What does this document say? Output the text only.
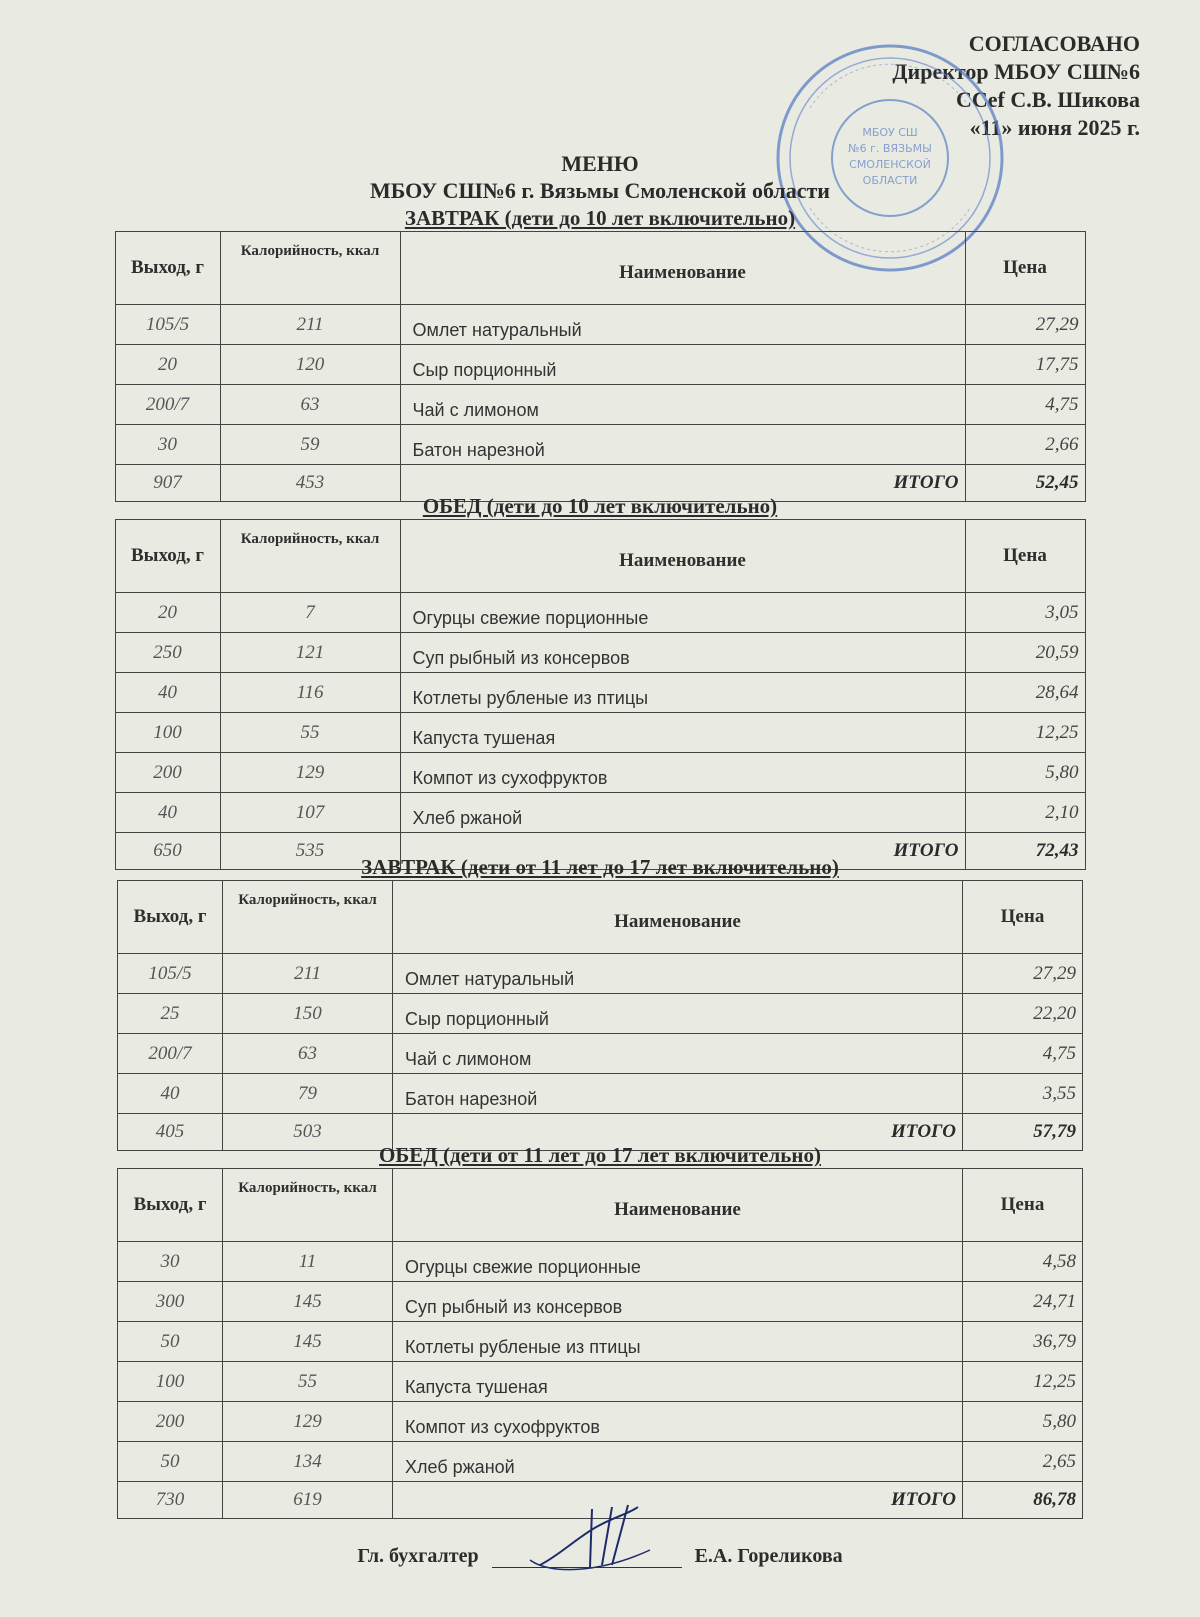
СОГЛАСОВАНО
Директор МБОУ СШ№6
ССef С.В. Шикова
«11» июня 2025 г.
МБОУ СШ
№6 г. ВЯЗЬМЫ
СМОЛЕНСКОЙ
ОБЛАСТИ
МЕНЮ
МБОУ СШ№6 г. Вязьмы Смоленской области
ЗАВТРАК (дети до 10 лет включительно)
Выход, г	Калорийность, ккал	Наименование	Цена
105/5	211	Омлет натуральный	27,29
20	120	Сыр порционный	17,75
200/7	63	Чай с лимоном	4,75
30	59	Батон нарезной	2,66
907	453	ИТОГО	52,45
ОБЕД (дети до 10 лет включительно)
Выход, г	Калорийность, ккал	Наименование	Цена
20	7	Огурцы свежие порционные	3,05
250	121	Суп рыбный из консервов	20,59
40	116	Котлеты рубленые из птицы	28,64
100	55	Капуста тушеная	12,25
200	129	Компот из сухофруктов	5,80
40	107	Хлеб ржаной	2,10
650	535	ИТОГО	72,43
ЗАВТРАК (дети от 11 лет до 17 лет включительно)
Выход, г	Калорийность, ккал	Наименование	Цена
105/5	211	Омлет натуральный	27,29
25	150	Сыр порционный	22,20
200/7	63	Чай с лимоном	4,75
40	79	Батон нарезной	3,55
405	503	ИТОГО	57,79
ОБЕД (дети от 11 лет до 17 лет включительно)
Выход, г	Калорийность, ккал	Наименование	Цена
30	11	Огурцы свежие порционные	4,58
300	145	Суп рыбный из консервов	24,71
50	145	Котлеты рубленые из птицы	36,79
100	55	Капуста тушеная	12,25
200	129	Компот из сухофруктов	5,80
50	134	Хлеб ржаной	2,65
730	619	ИТОГО	86,78
Гл. бухгалтер	Е.А. Гореликова
